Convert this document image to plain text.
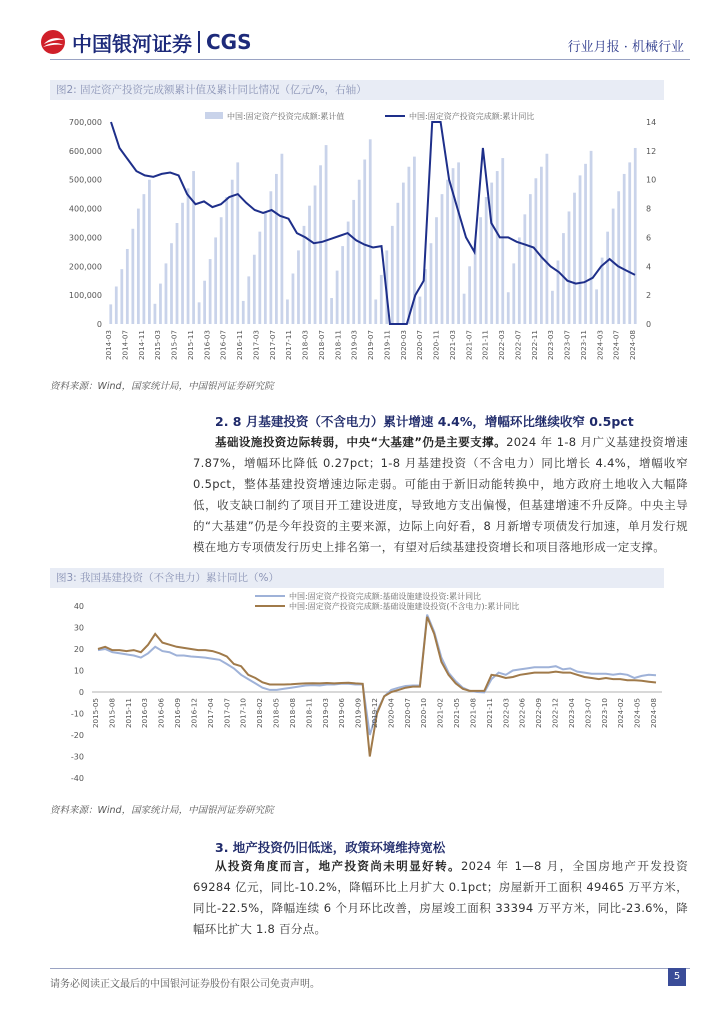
中国银河证券 CGS	行业月报 · 机械行业
图2: 固定资产投资完成额累计值及累计同比情况（亿元/%，右轴）
中国:固定资产投资完成额:累计值	中国:固定资产投资完成额:累计同比
0
100,000
200,000
300,000
400,000
500,000
600,000
700,000
0
2
4
6
8
10
12
14
2014-03 2014-07 2014-11 2015-03 2015-07 2015-11 2016-03 2016-07 2016-11 2017-03 2017-07 2017-11 2018-03 2018-07 2018-11 2019-03 2019-07 2019-11 2020-03 2020-07 2020-11 2021-03 2021-07 2021-11 2022-03 2022-07 2022-11 2023-03 2023-07 2023-11 2024-03 2024-07 2024-08
资料来源：Wind，国家统计局，中国银河证券研究院
2. 8 月基建投资（不含电力）累计增速 4.4%，增幅环比继续收窄 0.5pct
基础设施投资边际转弱，中央“大基建”仍是主要支撑。2024 年 1-8 月广义基建投资增速 7.87%，增幅环比降低 0.27pct；1-8 月基建投资（不含电力）同比增长 4.4%，增幅收窄 0.5pct，整体基建投资增速边际走弱。可能由于新旧动能转换中，地方政府土地收入大幅降低，收支缺口制约了项目开工建设进度，导致地方支出偏慢，但基建增速不升反降。中央主导的“大基建”仍是今年投资的主要来源，边际上向好看，8 月新增专项债发行加速，单月发行规模在地方专项债发行历史上排名第一，有望对后续基建投资增长和项目落地形成一定支撑。
图3: 我国基建投资（不含电力）累计同比（%）
中国:固定资产投资完成额:基础设施建设投资:累计同比
中国:固定资产投资完成额:基础设施建设投资(不含电力):累计同比
-40
-30
-20
-10
0
10
20
30
40
2015-05 2015-08 2015-11 2016-03 2016-06 2016-09 2016-12 2017-04 2017-07 2017-10 2018-02 2018-05 2018-08 2018-11 2019-03 2019-06 2019-09 2019-12 2020-04 2020-07 2020-10 2021-02 2021-05 2021-08 2021-11 2022-03 2022-06 2022-09 2022-12 2023-04 2023-07 2023-10 2024-02 2024-05 2024-08
资料来源：Wind，国家统计局，中国银河证券研究院
3. 地产投资仍旧低迷，政策环境维持宽松
从投资角度而言，地产投资尚未明显好转。2024 年 1—8 月，全国房地产开发投资 69284 亿元，同比-10.2%，降幅环比上月扩大 0.1pct；房屋新开工面积 49465 万平方米，同比-22.5%，降幅连续 6 个月环比改善，房屋竣工面积 33394 万平方米，同比-23.6%，降幅环比扩大 1.8 百分点。
请务必阅读正文最后的中国银河证券股份有限公司免责声明。
5
